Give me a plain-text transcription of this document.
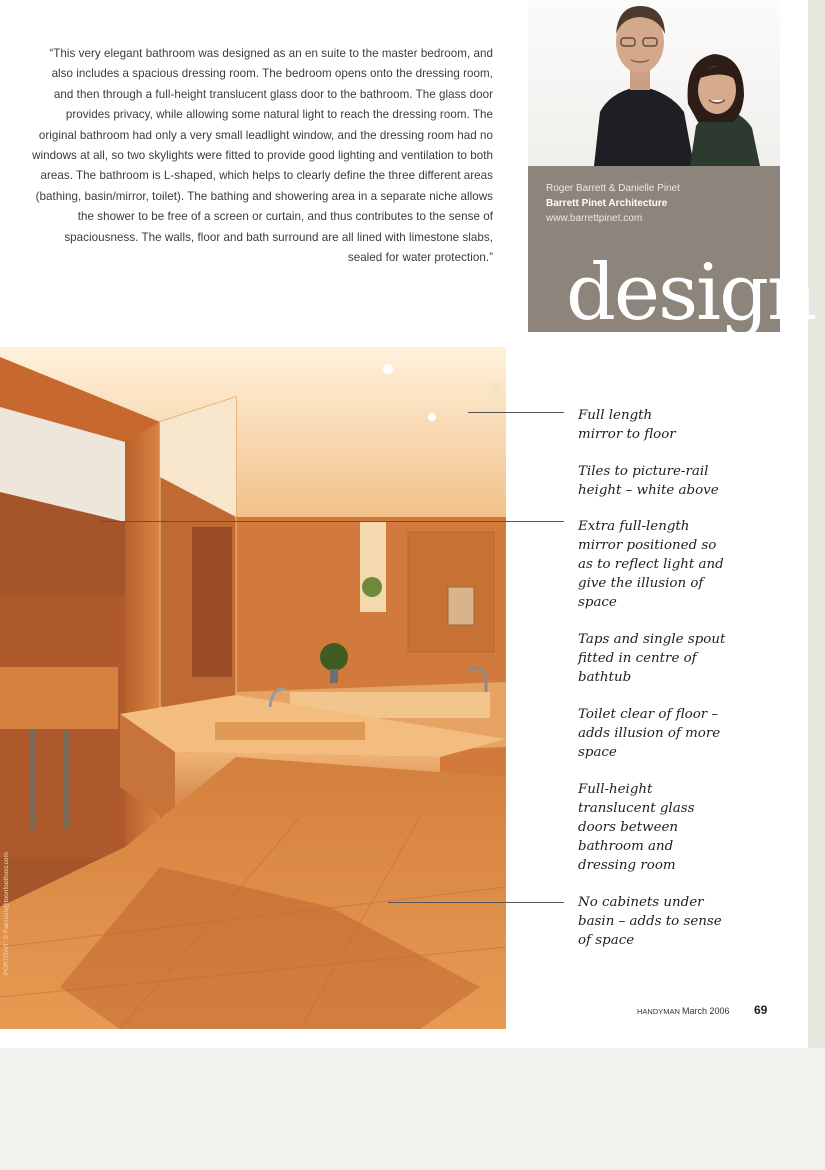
“This very elegant bathroom was designed as an en suite to the master bedroom, and also includes a spacious dressing room. The bedroom opens onto the dressing room, and then through a full-height translucent glass door to the bathroom. The glass door provides privacy, while allowing some natural light to reach the dressing room. The original bathroom had only a very small leadlight window, and the dressing room had no windows at all, so two skylights were fitted to provide good lighting and ventilation to both areas. The bathroom is L-shaped, which helps to clearly define the three different areas (bathing, basin/mirror, toilet). The bathing and showering area in a separate niche allows the shower to be free of a screen or curtain, and thus contributes to the sense of spaciousness. The walls, floor and bath surround are all lined with limestone slabs, sealed for water protection.”

Roger Barrett & Danielle Pinet
Barrett Pinet Architecture
www.barrettpinet.com
design
PORTRAIT: © Fairrush@toonfootfood.com

Full length mirror to floor

Tiles to picture-rail height – white above

Extra full-length mirror positioned so as to reflect light and give the illusion of space

Taps and single spout fitted in centre of bathtub

Toilet clear of floor – adds illusion of more space

Full-height translucent glass doors between bathroom and dressing room

No cabinets under basin – adds to sense of space

HANDYMAN March 2006 69
